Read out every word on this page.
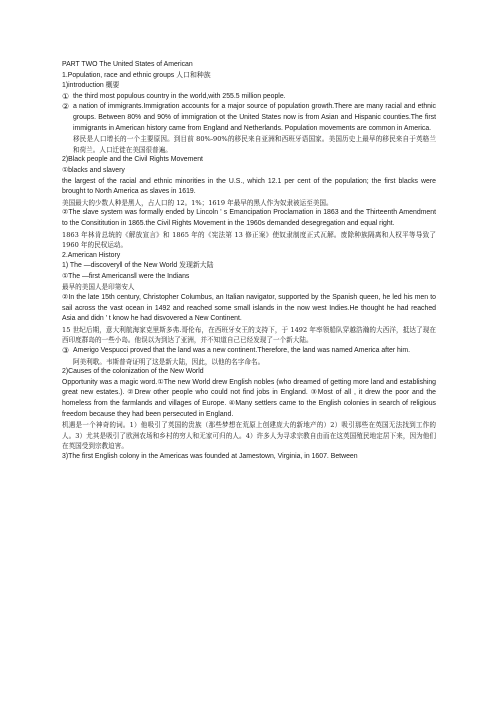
PART TWO The United States of American

1.Population, race and ethnic groups 人口和种族

1)introduction 概要

① the third most populous country in the world,with 255.5 million people.
② a nation of immigrants.Immigration accounts for a major source of population growth.There are many racial and ethnic groups. Between 80% and 90% of immigration ot the United States now is from Asian and Hispanic counties.The first immigrants in American history came from England and Netherlands. Population movements are common in America.

移民是人口增长的一个主要原因。到目前 80%-90%的移民来自亚洲和西班牙语国家。美国历史上最早的移民来自于英格兰和荷兰。人口迁徙在美国很普遍。

2)Black people and the Civil Rights Movement

①blacks and slavery

the largest of the racial and ethnic minorities in the U.S., which 12.1 per cent of the population; the first blacks were brought to North America as slaves in 1619.

美国最大的少数人种是黑人，占人口的 12。1%；1619 年最早的黑人作为奴隶被运至美国。

②The slave system was formally ended by Lincoln ' s Emancipation Proclamation in 1863 and the Thirteenth Amendment to the Consititution in 1865.the Civil Rights Movement in the 1960s demanded desegregation and equal right.

1863 年林肯总统的《解放宣言》和 1865 年的《宪法第 13 修正案》使奴隶制度正式瓦解。废除种族隔离和人权平等导致了 1960 年的民权运动。

2.American History

1) The ―discovery‖ of the New World 发现新大陆

①The ―first Americans‖ were the Indians

最早的美国人是印第安人

②In the late 15th century, Christopher Columbus, an Italian navigator, supported by the Spanish queen, he led his men to sail across the vast ocean in 1492 and reached some small islands in the now west Indies.He thought he had reached Asia and didn ' t know he had disvovered a New Continent.

15 世纪后期，意大利航海家克里斯多弗.哥伦布，在西班牙女王的支持下，于 1492 年率领船队穿越浩瀚的大西洋，抵达了现在西印度群岛的一些小岛。他误以为到达了亚洲，并不知道自己已经发现了一个新大陆。

③ Amerigo Vespucci proved that the land was a new continent.Therefore, the land was named America after him.

阿美利歌。韦斯普奇证明了这是新大陆，因此，以他的名字命名。

2)Causes of the colonization of the New World

Opportunity was a magic word.①The new World drew English nobles (who dreamed of getting more land and establishing great new estates.). ②Drew other people who could not find jobs in England. ③Most of all , it drew the poor and the homeless from the farmlands and villages of Europe. ④Many settlers came to the English colonies in search of religious freedom because they had been persecuted in England.

机遇是一个神奇的词。1）他吸引了英国的贵族（那些梦想在荒原上创建庞大的新地产的）2）吸引那些在英国无法找到工作的人。3）尤其是吸引了欧洲农场和乡村的穷人和无家可归的人。4）许多人为寻求宗教自由而在这英国殖民地定居下来，因为他们在英国受到宗教迫害。

3)The first English colony in the Americas was founded at Jamestown, Virginia, in 1607. Between
